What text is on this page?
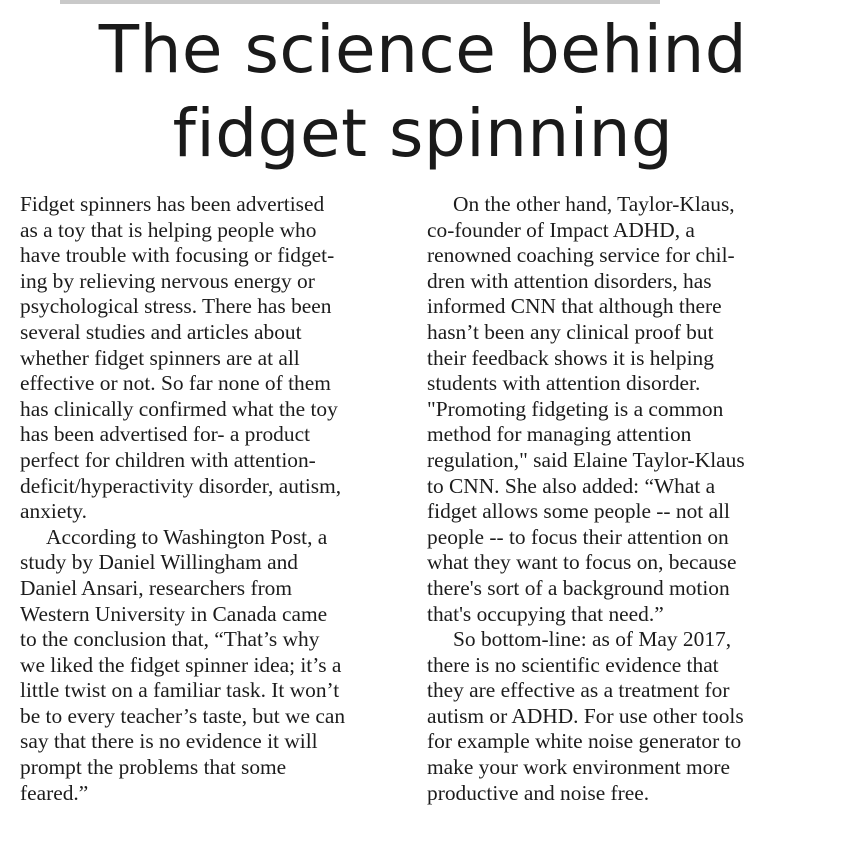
The science behind
fidget spinning

Fidget spinners has been advertised
as a toy that is helping people who
have trouble with focusing or fidget-
ing by relieving nervous energy or
psychological stress. There has been
several studies and articles about
whether fidget spinners are at all
effective or not. So far none of them
has clinically confirmed what the toy
has been advertised for- a product
perfect for children with attention-
deficit/hyperactivity disorder, autism,
anxiety.

According to Washington Post, a
study by Daniel Willingham and
Daniel Ansari, researchers from
Western University in Canada came
to the conclusion that, “That’s why
we liked the fidget spinner idea; it’s a
little twist on a familiar task. It won’t
be to every teacher’s taste, but we can
say that there is no evidence it will
prompt the problems that some
feared.”

On the other hand, Taylor-Klaus,
co-founder of Impact ADHD, a
renowned coaching service for chil-
dren with attention disorders, has
informed CNN that although there
hasn’t been any clinical proof but
their feedback shows it is helping
students with attention disorder.
"Promoting fidgeting is a common
method for managing attention
regulation," said Elaine Taylor-Klaus
to CNN. She also added: “What a
fidget allows some people -- not all
people -- to focus their attention on
what they want to focus on, because
there's sort of a background motion
that's occupying that need.”

So bottom-line: as of May 2017,
there is no scientific evidence that
they are effective as a treatment for
autism or ADHD. For use other tools
for example white noise generator to
make your work environment more
productive and noise free.
